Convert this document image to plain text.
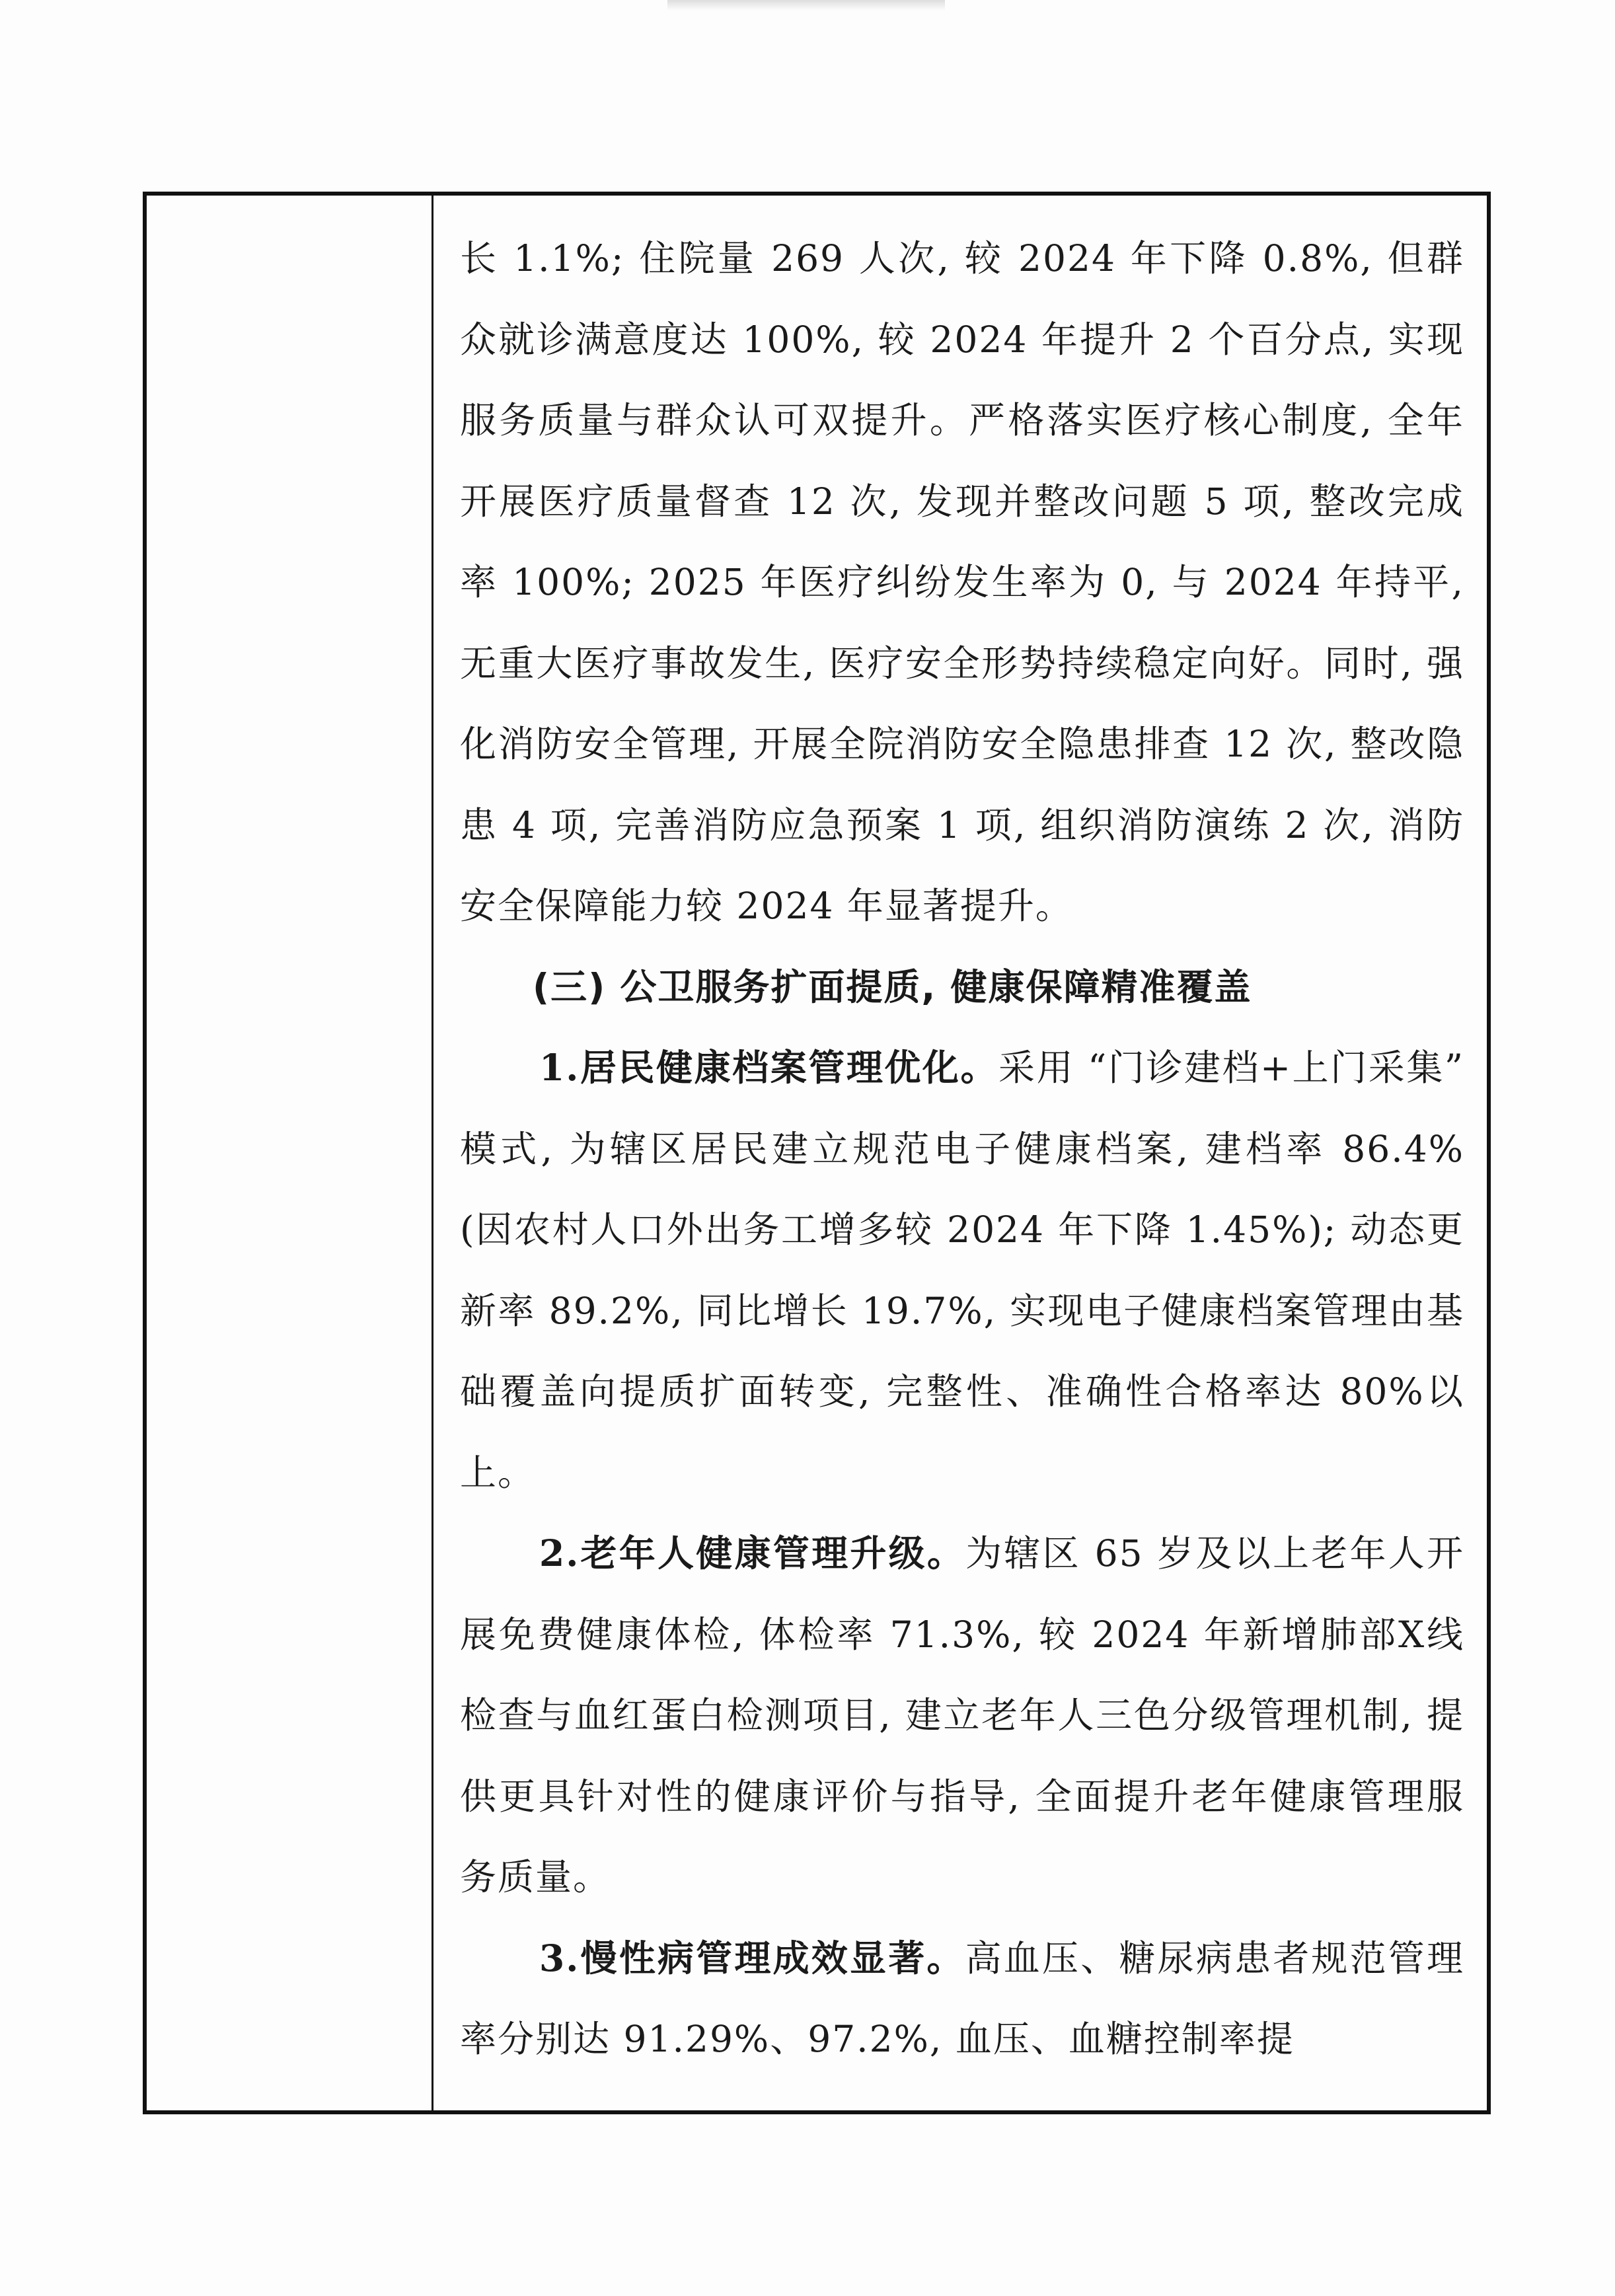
长 1.1%; 住院量 269 人次, 较 2024 年下降 0.8%, 但群众就诊满意度达 100%, 较 2024 年提升 2 个百分点, 实现服务质量与群众认可双提升。严格落实医疗核心制度, 全年开展医疗质量督查 12 次, 发现并整改问题 5 项, 整改完成率 100%; 2025 年医疗纠纷发生率为 0, 与 2024 年持平, 无重大医疗事故发生, 医疗安全形势持续稳定向好。同时, 强化消防安全管理, 开展全院消防安全隐患排查 12 次, 整改隐患 4 项, 完善消防应急预案 1 项, 组织消防演练 2 次, 消防安全保障能力较 2024 年显著提升。

(三) 公卫服务扩面提质, 健康保障精准覆盖

1.居民健康档案管理优化。采用 “门诊建档+上门采集” 模式, 为辖区居民建立规范电子健康档案, 建档率 86.4% (因农村人口外出务工增多较 2024 年下降 1.45%); 动态更新率 89.2%, 同比增长 19.7%, 实现电子健康档案管理由基础覆盖向提质扩面转变, 完整性、准确性合格率达 80%以上。

2.老年人健康管理升级。为辖区 65 岁及以上老年人开展免费健康体检, 体检率 71.3%, 较 2024 年新增肺部X线检查与血红蛋白检测项目, 建立老年人三色分级管理机制, 提供更具针对性的健康评价与指导, 全面提升老年健康管理服务质量。

3.慢性病管理成效显著。高血压、糖尿病患者规范管理率分别达 91.29%、97.2%, 血压、血糖控制率提
